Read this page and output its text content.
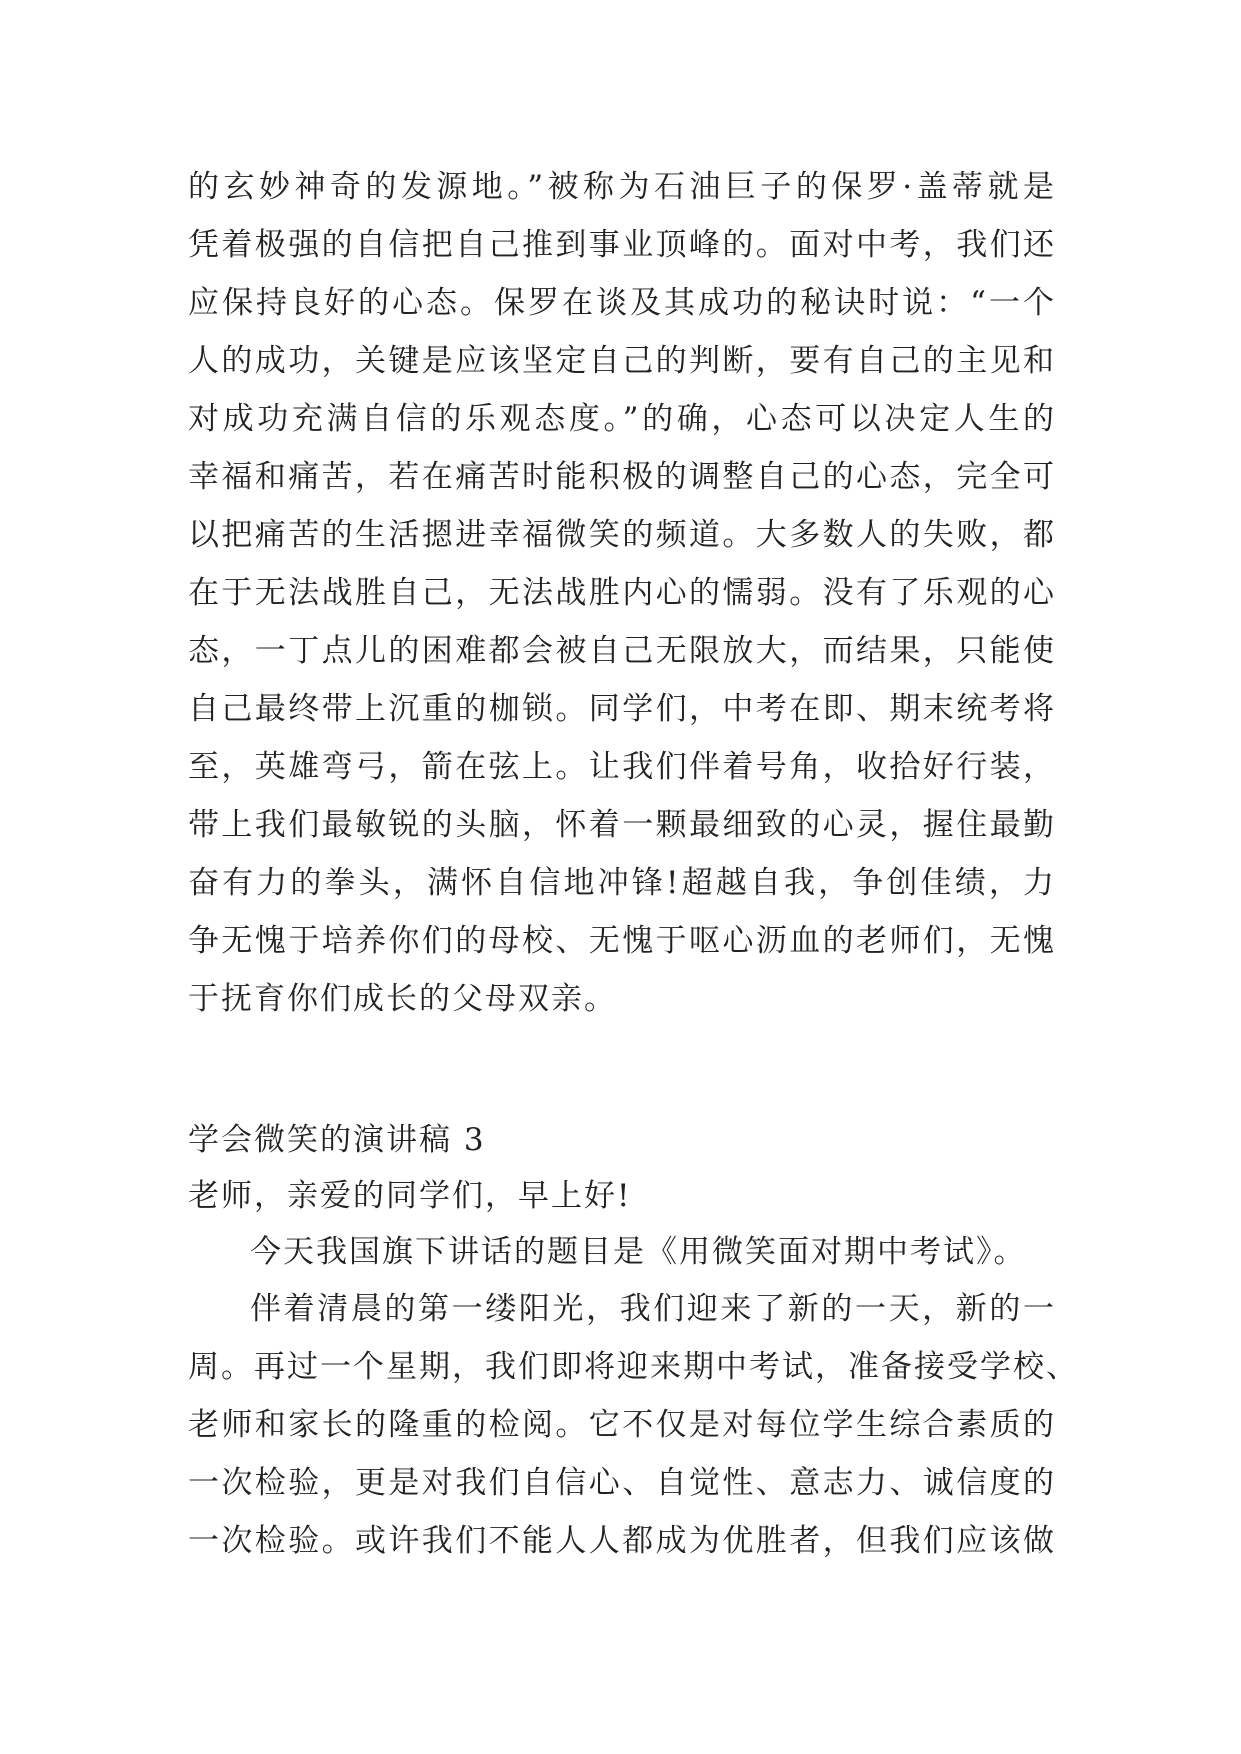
的玄妙神奇的发源地。”被称为石油巨子的保罗·盖蒂就是
凭着极强的自信把自己推到事业顶峰的。面对中考，我们还
应保持良好的心态。保罗在谈及其成功的秘诀时说：“一个
人的成功，关键是应该坚定自己的判断，要有自己的主见和
对成功充满自信的乐观态度。”的确，心态可以决定人生的
幸福和痛苦，若在痛苦时能积极的调整自己的心态，完全可
以把痛苦的生活摁进幸福微笑的频道。大多数人的失败，都
在于无法战胜自己，无法战胜内心的懦弱。没有了乐观的心
态，一丁点儿的困难都会被自己无限放大，而结果，只能使
自己最终带上沉重的枷锁。同学们，中考在即、期末统考将
至，英雄弯弓，箭在弦上。让我们伴着号角，收拾好行装，
带上我们最敏锐的头脑，怀着一颗最细致的心灵，握住最勤
奋有力的拳头，满怀自信地冲锋!超越自我，争创佳绩，力
争无愧于培养你们的母校、无愧于呕心沥血的老师们，无愧
于抚育你们成长的父母双亲。
学会微笑的演讲稿 3
老师，亲爱的同学们，早上好!
今天我国旗下讲话的题目是《用微笑面对期中考试》。
伴着清晨的第一缕阳光，我们迎来了新的一天，新的一
周。再过一个星期，我们即将迎来期中考试，准备接受学校、
老师和家长的隆重的检阅。它不仅是对每位学生综合素质的
一次检验，更是对我们自信心、自觉性、意志力、诚信度的
一次检验。或许我们不能人人都成为优胜者，但我们应该做
